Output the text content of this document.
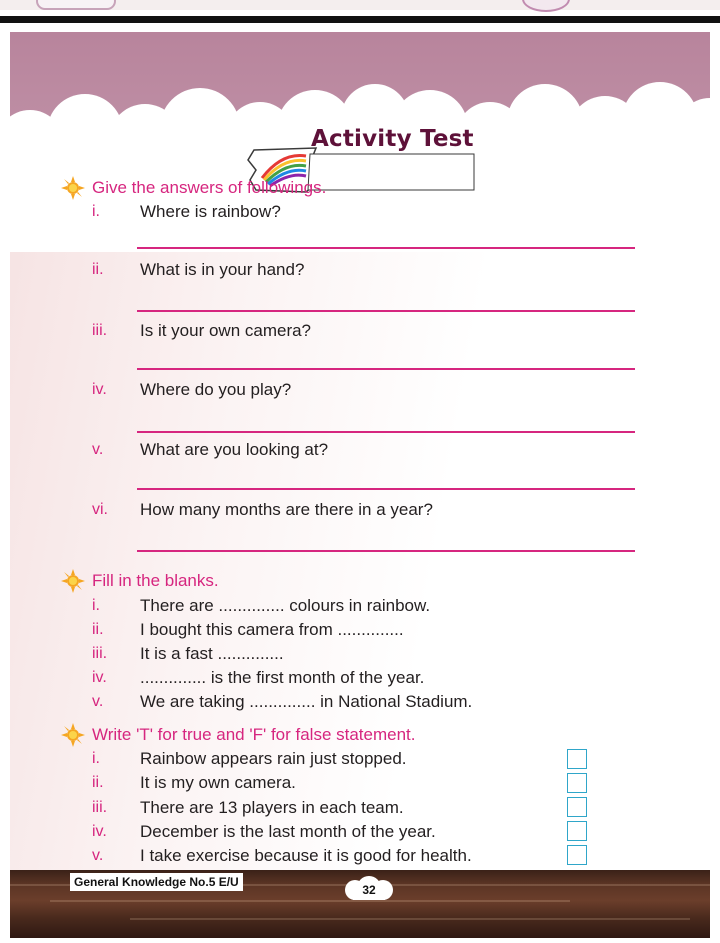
Activity Test
Give the answers of followings.
i. Where is rainbow?
ii. What is in your hand?
iii. Is it your own camera?
iv. Where do you play?
v. What are you looking at?
vi. How many months are there in a year?
Fill in the blanks.
i. There are .............. colours in rainbow.
ii. I bought this camera from ..............
iii. It is a fast ..............
iv. .............. is the first month of the year.
v. We are taking .............. in National Stadium.
Write 'T' for true and 'F' for false statement.
i. Rainbow appears rain just stopped.
ii. It is my own camera.
iii. There are 13 players in each team.
iv. December is the last month of the year.
v. I take exercise because it is good for health.
General Knowledge No.5 E/U
32
